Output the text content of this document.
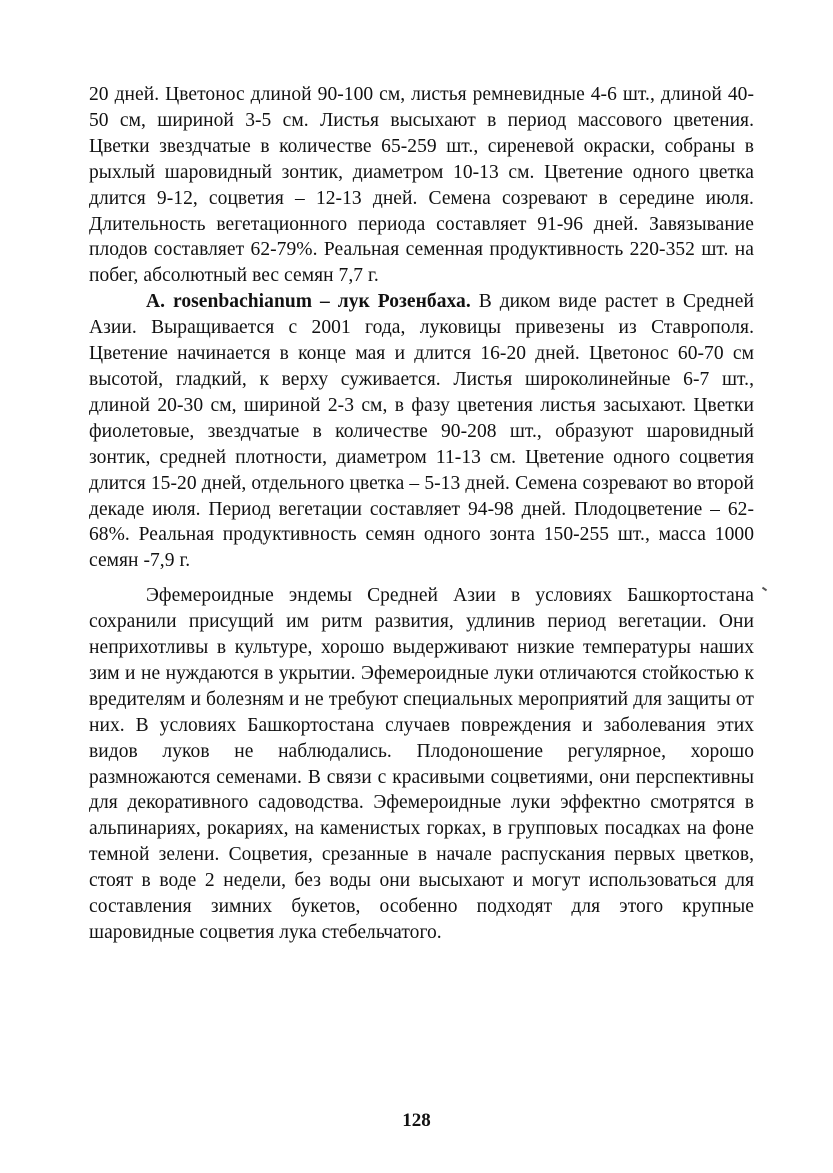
20 дней. Цветонос длиной 90-100 см, листья ремневидные 4-6 шт., длиной 40-50 см, шириной 3-5 см. Листья высыхают в период массового цветения. Цветки звездчатые в количестве 65-259 шт., сиреневой окраски, собраны в рыхлый шаровидный зонтик, диаметром 10-13 см. Цветение одного цветка длится 9-12, соцветия – 12-13 дней. Семена созревают в середине июля. Длительность вегетационного периода составляет 91-96 дней. Завязывание плодов составляет 62-79%. Реальная семенная продуктивность 220-352 шт. на побег, абсолютный вес семян 7,7 г.

A. rosenbachianum – лук Розенбаха. В диком виде растет в Средней Азии. Выращивается с 2001 года, луковицы привезены из Ставрополя. Цветение начинается в конце мая и длится 16-20 дней. Цветонос 60-70 см высотой, гладкий, к верху суживается. Листья широколинейные 6-7 шт., длиной 20-30 см, шириной 2-3 см, в фазу цветения листья засыхают. Цветки фиолетовые, звездчатые в количестве 90-208 шт., образуют шаровидный зонтик, средней плотности, диаметром 11-13 см. Цветение одного соцветия длится 15-20 дней, отдельного цветка – 5-13 дней. Семена созревают во второй декаде июля. Период вегетации составляет 94-98 дней. Плодоцветение – 62-68%. Реальная продуктивность семян одного зонта 150-255 шт., масса 1000 семян -7,9 г.

Эфемероидные эндемы Средней Азии в условиях Башкортостана сохранили присущий им ритм развития, удлинив период вегетации. Они неприхотливы в культуре, хорошо выдерживают низкие температуры наших зим и не нуждаются в укрытии. Эфемероидные луки отличаются стойкостью к вредителям и болезням и не требуют специальных мероприятий для защиты от них. В условиях Башкортостана случаев повреждения и заболевания этих видов луков не наблюдались. Плодоношение регулярное, хорошо размножаются семенами. В связи с красивыми соцветиями, они перспективны для декоративного садоводства. Эфемероидные луки эффектно смотрятся в альпинариях, рокариях, на каменистых горках, в групповых посадках на фоне темной зелени. Соцветия, срезанные в начале распускания первых цветков, стоят в воде 2 недели, без воды они высыхают и могут использоваться для составления зимних букетов, особенно подходят для этого крупные шаровидные соцветия лука стебельчатого.

128
